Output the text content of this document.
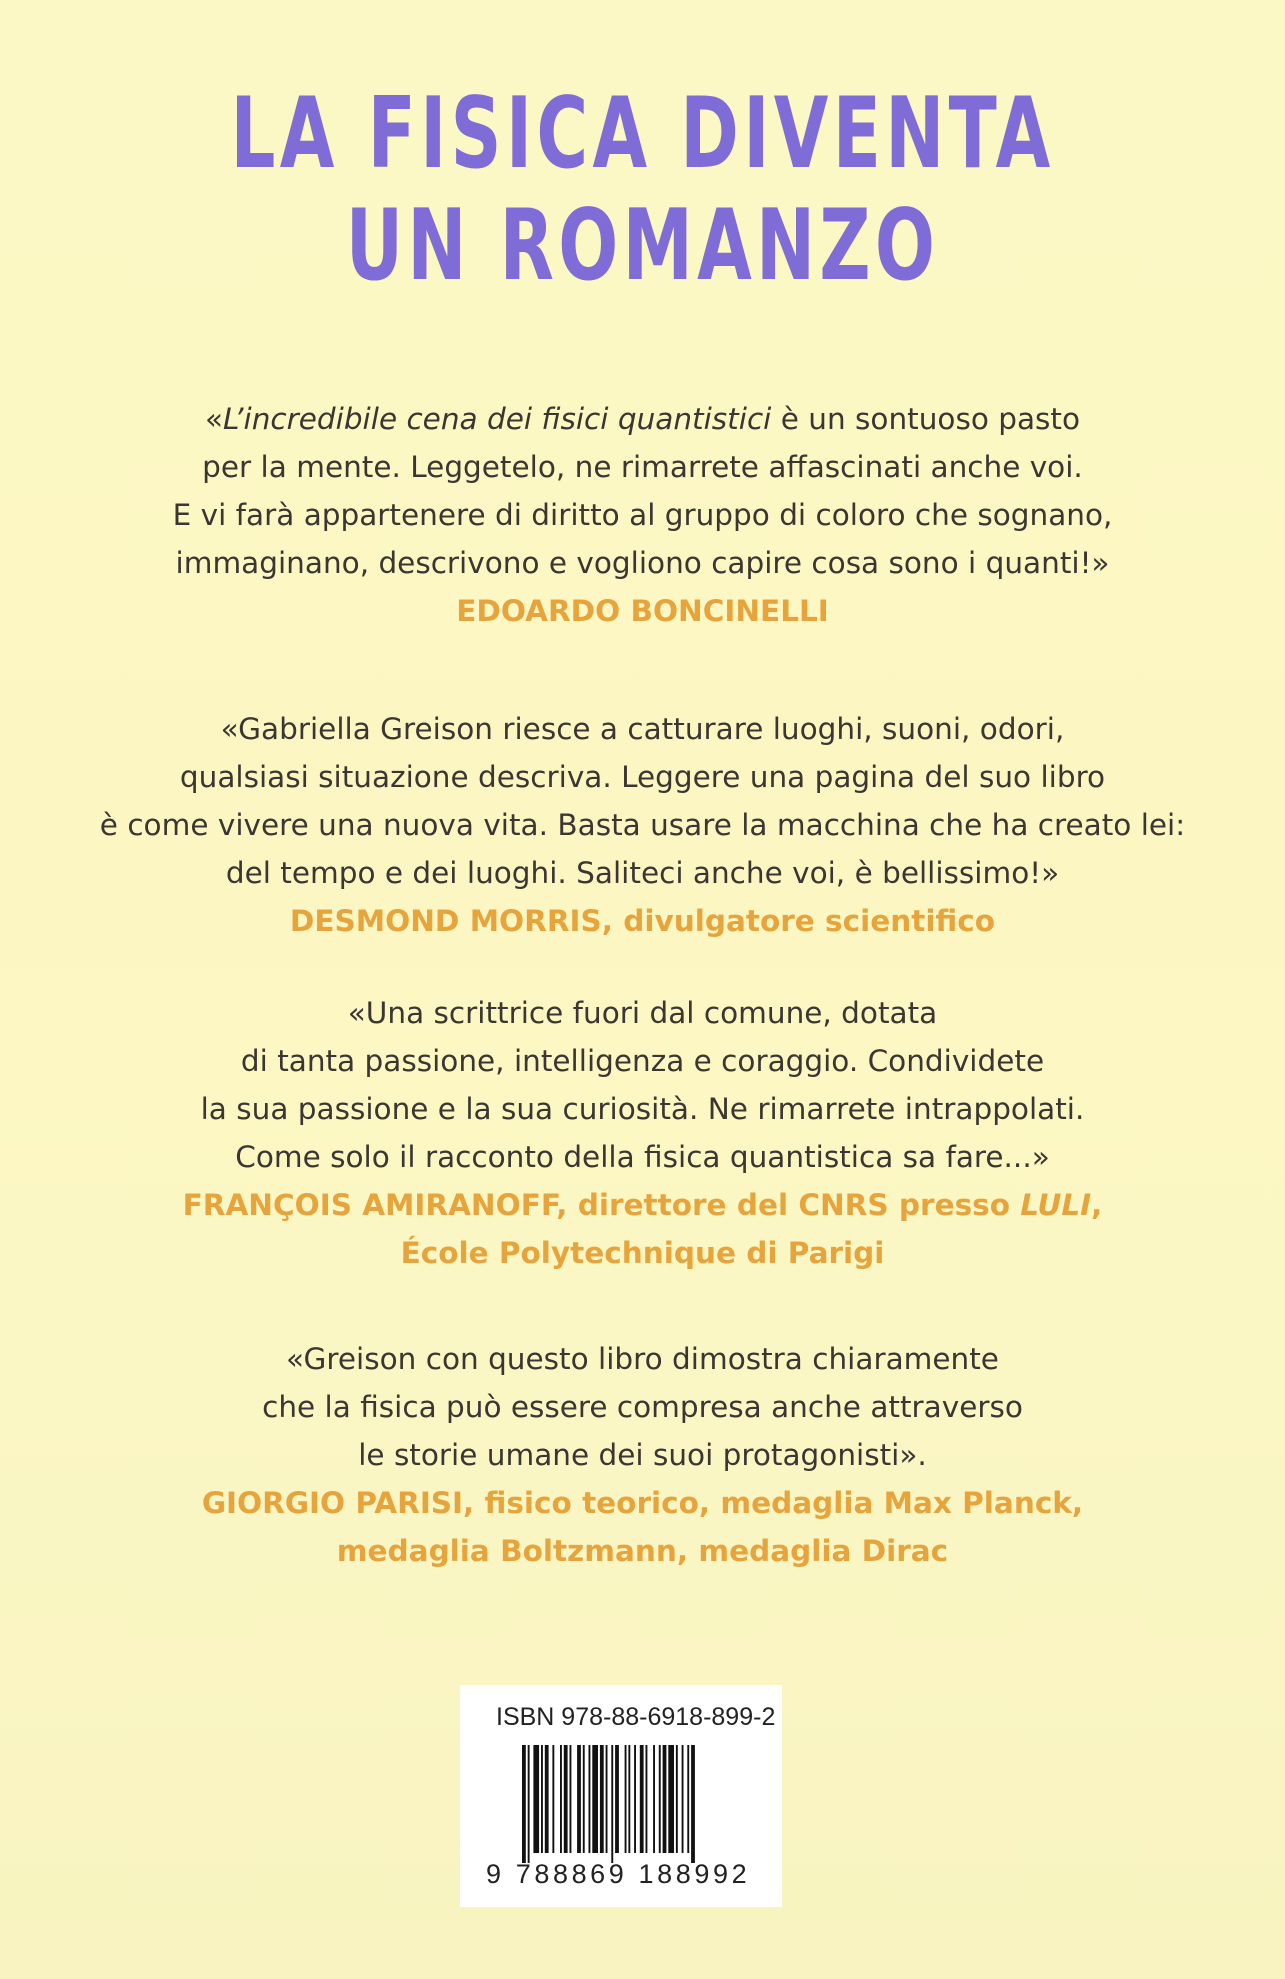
LA FISICA DIVENTA
UN ROMANZO
«L’incredibile cena dei fisici quantistici è un sontuoso pasto
per la mente. Leggetelo, ne rimarrete affascinati anche voi.
E vi farà appartenere di diritto al gruppo di coloro che sognano,
immaginano, descrivono e vogliono capire cosa sono i quanti!»
EDOARDO BONCINELLI
«Gabriella Greison riesce a catturare luoghi, suoni, odori,
qualsiasi situazione descriva. Leggere una pagina del suo libro
è come vivere una nuova vita. Basta usare la macchina che ha creato lei:
del tempo e dei luoghi. Saliteci anche voi, è bellissimo!»
DESMOND MORRIS, divulgatore scientifico
«Una scrittrice fuori dal comune, dotata
di tanta passione, intelligenza e coraggio. Condividete
la sua passione e la sua curiosità. Ne rimarrete intrappolati.
Come solo il racconto della fisica quantistica sa fare...»
FRANÇOIS AMIRANOFF, direttore del CNRS presso LULI,
École Polytechnique di Parigi
«Greison con questo libro dimostra chiaramente
che la fisica può essere compresa anche attraverso
le storie umane dei suoi protagonisti».
GIORGIO PARISI, fisico teorico, medaglia Max Planck,
medaglia Boltzmann, medaglia Dirac
ISBN 978-88-6918-899-2
9 788869 188992
